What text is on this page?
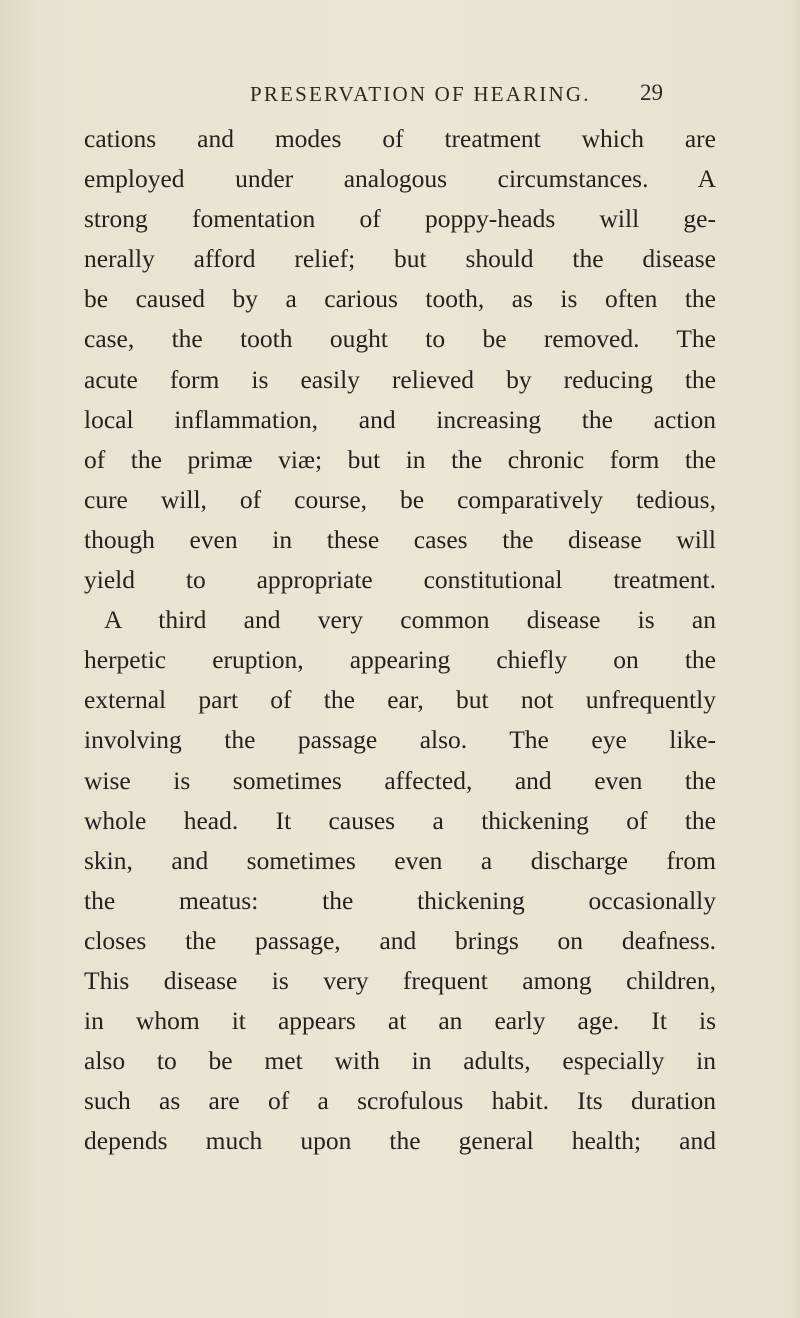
PRESERVATION OF HEARING. 29
cations and modes of treatment which are
employed under analogous circumstances. A
strong fomentation of poppy-heads will ge-
nerally afford relief; but should the disease
be caused by a carious tooth, as is often the
case, the tooth ought to be removed. The
acute form is easily relieved by reducing the
local inflammation, and increasing the action
of the primæ viæ; but in the chronic form the
cure will, of course, be comparatively tedious,
though even in these cases the disease will
yield to appropriate constitutional treatment.
A third and very common disease is an
herpetic eruption, appearing chiefly on the
external part of the ear, but not unfrequently
involving the passage also. The eye like-
wise is sometimes affected, and even the
whole head. It causes a thickening of the
skin, and sometimes even a discharge from
the meatus: the thickening occasionally
closes the passage, and brings on deafness.
This disease is very frequent among children,
in whom it appears at an early age. It is
also to be met with in adults, especially in
such as are of a scrofulous habit. Its duration
depends much upon the general health; and
